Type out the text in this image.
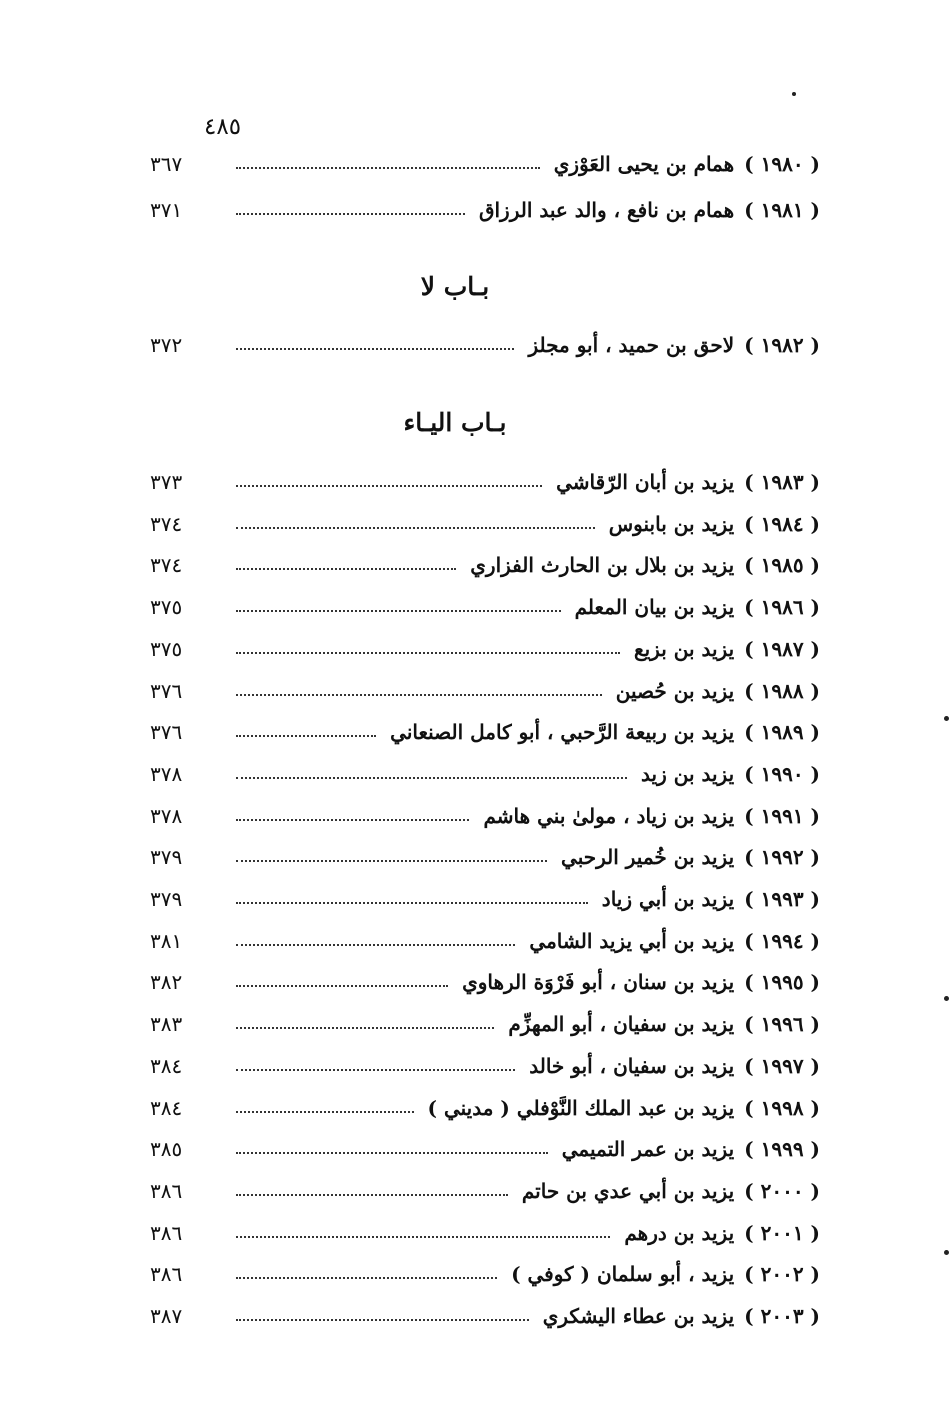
٤٨٥
( ١٩٨٠ )
همام بن يحيى العَوْزي
٣٦٧
( ١٩٨١ )
همام بن نافع ، والد عبد الرزاق
٣٧١
بـاب لا
( ١٩٨٢ )
لاحق بن حميد ، أبو مجلز
٣٧٢
بـاب اليـاء
( ١٩٨٣ )
يزيد بن أبان الرّقاشي
٣٧٣
( ١٩٨٤ )
يزيد بن بابنوس
٣٧٤
( ١٩٨٥ )
يزيد بن بلال بن الحارث الفزاري
٣٧٤
( ١٩٨٦ )
يزيد بن بيان المعلم
٣٧٥
( ١٩٨٧ )
يزيد بن بزيع
٣٧٥
( ١٩٨٨ )
يزيد بن حُصين
٣٧٦
( ١٩٨٩ )
يزيد بن ربيعة الرَّحبي ، أبو كامل الصنعاني
٣٧٦
( ١٩٩٠ )
يزيد بن زيد
٣٧٨
( ١٩٩١ )
يزيد بن زياد ، مولىٰ بني هاشم
٣٧٨
( ١٩٩٢ )
يزيد بن خُمير الرحبي
٣٧٩
( ١٩٩٣ )
يزيد بن أبي زياد
٣٧٩
( ١٩٩٤ )
يزيد بن أبي يزيد الشامي
٣٨١
( ١٩٩٥ )
يزيد بن سنان ، أبو فَرْوَة الرهاوي
٣٨٢
( ١٩٩٦ )
يزيد بن سفيان ، أبو المهزِّم
٣٨٣
( ١٩٩٧ )
يزيد بن سفيان ، أبو خالد
٣٨٤
( ١٩٩٨ )
يزيد بن عبد الملك النَّوْفلي ( مديني )
٣٨٤
( ١٩٩٩ )
يزيد بن عمر التميمي
٣٨٥
( ٢٠٠٠ )
يزيد بن أبي عدي بن حاتم
٣٨٦
( ٢٠٠١ )
يزيد بن درهم
٣٨٦
( ٢٠٠٢ )
يزيد ، أبو سلمان ( كوفي )
٣٨٦
( ٢٠٠٣ )
يزيد بن عطاء اليشكري
٣٨٧
